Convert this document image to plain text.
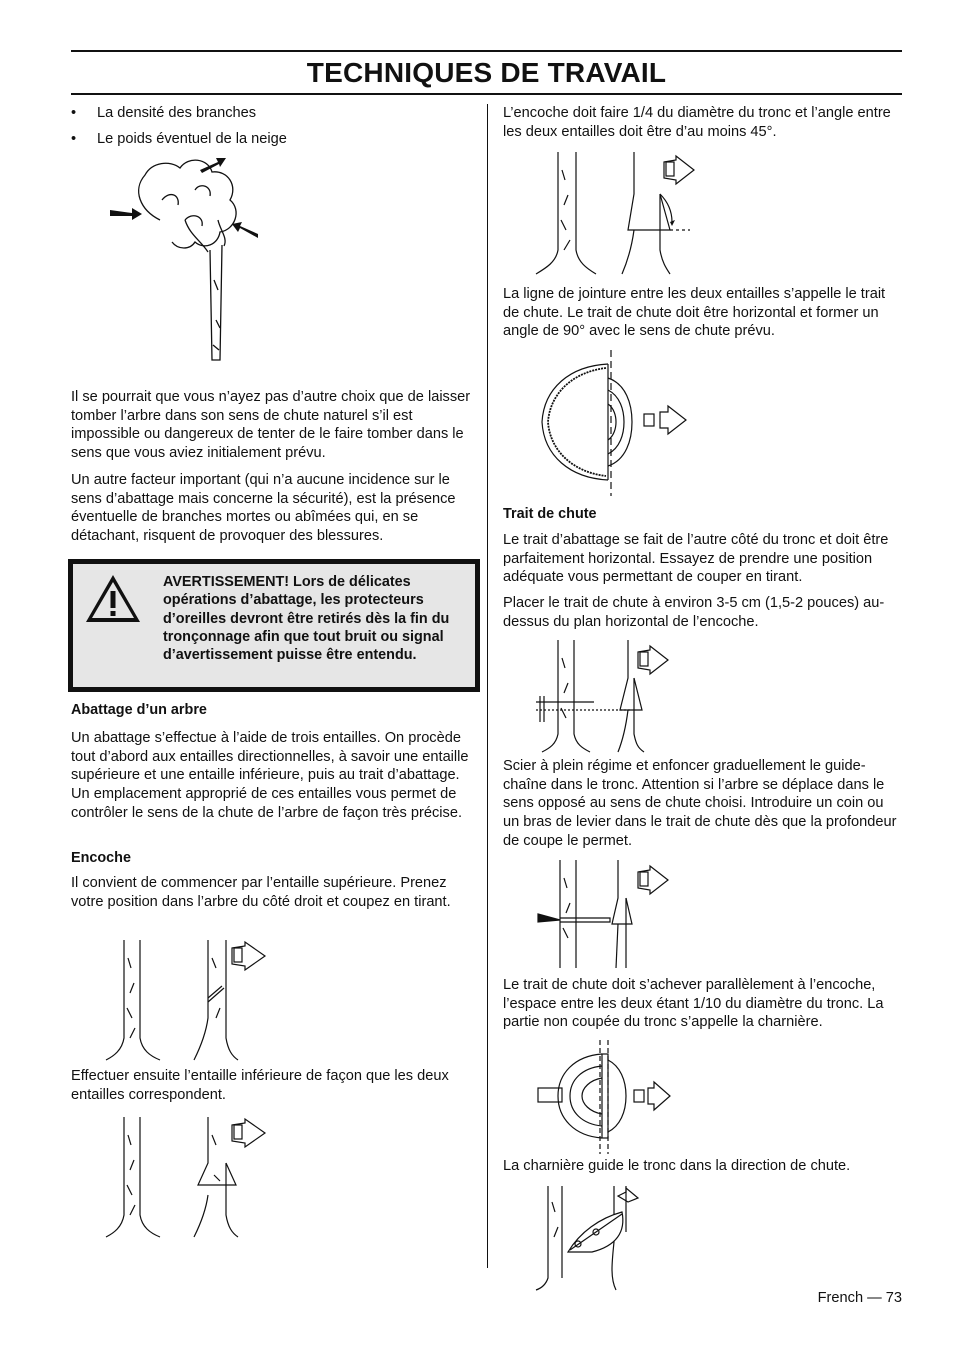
TECHNIQUES DE TRAVAIL
• La densité des branches
• Le poids éventuel de la neige

Il se pourrait que vous n’ayez pas d’autre choix que de laisser tomber l’arbre dans son sens de chute naturel s’il est impossible ou dangereux de tenter de le faire tomber dans le sens que vous aviez initialement prévu.

Un autre facteur important (qui n’a aucune incidence sur le sens d’abattage mais concerne la sécurité), est la présence éventuelle de branches mortes ou abîmées qui, en se détachant, risquent de provoquer des blessures.

AVERTISSEMENT! Lors de délicates opérations d’abattage, les protecteurs d’oreilles devront être retirés dès la fin du tronçonnage afin que tout bruit ou signal d’avertissement puisse être entendu.

Abattage d’un arbre

Un abattage s’effectue à l’aide de trois entailles. On procède tout d’abord aux entailles directionnelles, à savoir une entaille supérieure et une entaille inférieure, puis au trait d’abattage. Un emplacement approprié de ces entailles vous permet de contrôler le sens de la chute de l’arbre de façon très précise.

Encoche

Il convient de commencer par l’entaille supérieure. Prenez votre position dans l’arbre du côté droit et coupez en tirant.

Effectuer ensuite l’entaille inférieure de façon que les deux entailles correspondent.

L’encoche doit faire 1/4 du diamètre du tronc et l’angle entre les deux entailles doit être d’au moins 45°.

La ligne de jointure entre les deux entailles s’appelle le trait de chute. Le trait de chute doit être horizontal et former un angle de 90° avec le sens de chute prévu.

Trait de chute

Le trait d’abattage se fait de l’autre côté du tronc et doit être parfaitement horizontal. Essayez de prendre une position adéquate vous permettant de couper en tirant.

Placer le trait de chute à environ 3-5 cm (1,5-2 pouces) au-dessus du plan horizontal de l’encoche.

Scier à plein régime et enfoncer graduellement le guide-chaîne dans le tronc. Attention si l’arbre se déplace dans le sens opposé au sens de chute choisi. Introduire un coin ou un bras de levier dans le trait de chute dès que la profondeur de coupe le permet.

Le trait de chute doit s’achever parallèlement à l’encoche, l’espace entre les deux étant 1/10 du diamètre du tronc. La partie non coupée du tronc s’appelle la charnière.

La charnière guide le tronc dans la direction de chute.

French — 73
